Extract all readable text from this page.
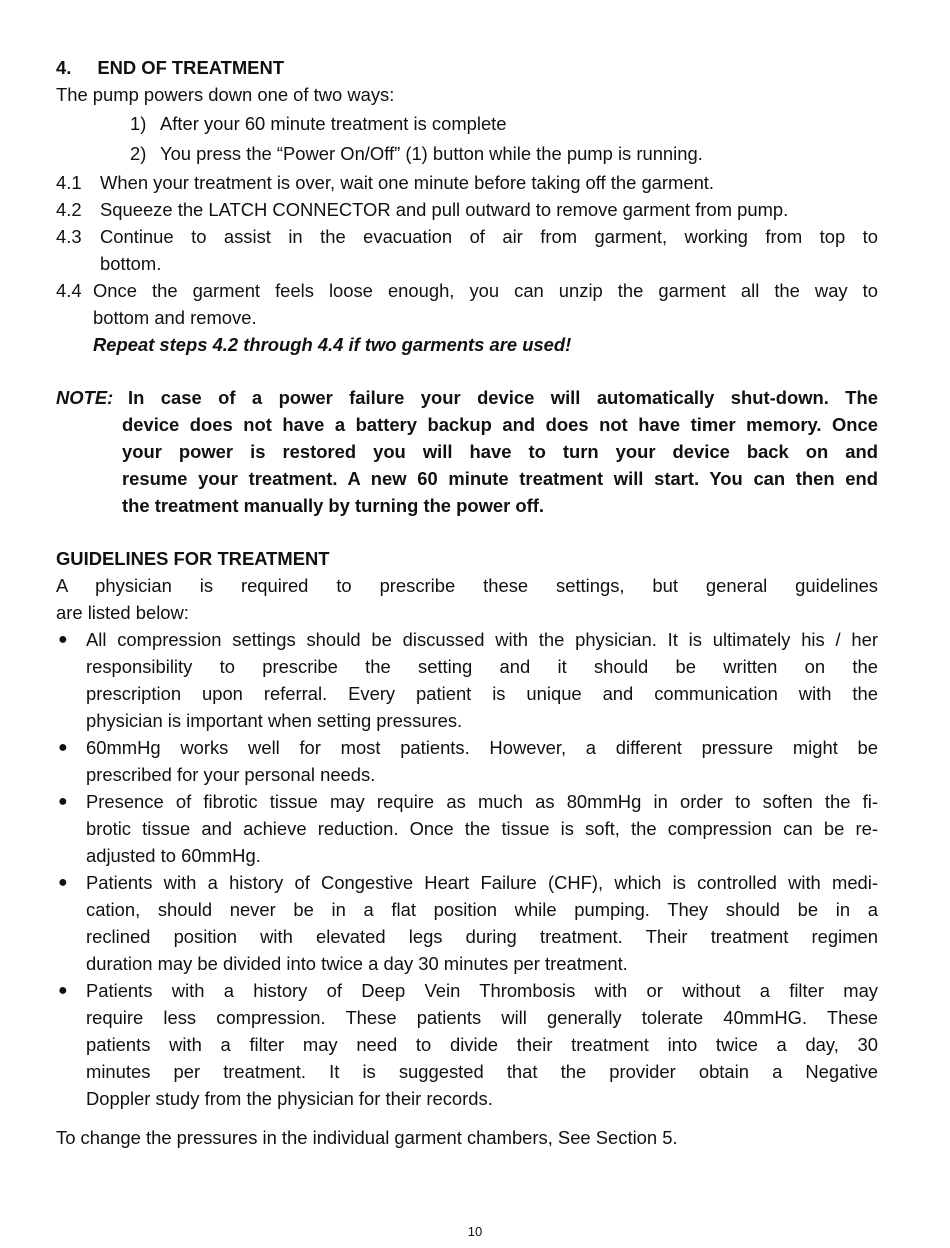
4. END OF TREATMENT
The pump powers down one of two ways:
1) After your 60 minute treatment is complete
2) You press the “Power On/Off” (1) button while the pump is running.
4.1	When your treatment is over, wait one minute before taking off the garment.
4.2	Squeeze the LATCH CONNECTOR and pull outward to remove garment from pump.
4.3	Continue to assist in the evacuation of air from garment, working from top to
bottom.
4.4 Once the garment feels loose enough, you can unzip the garment all the way to
bottom and remove.
Repeat steps 4.2 through 4.4 if two garments are used!
NOTE: In case of a power failure your device will automatically shut-down. The
device does not have a battery backup and does not have timer memory. Once
your power is restored you will have to turn your device back on and
resume your treatment. A new 60 minute treatment will start. You can then end
the treatment manually by turning the power off.
GUIDELINES FOR TREATMENT
A physician is required to prescribe these settings, but general guidelines
are listed below:
● All compression settings should be discussed with the physician. It is ultimately his / her
responsibility to prescribe the setting and it should be written on the
prescription upon referral. Every patient is unique and communication with the
physician is important when setting pressures.
● 60mmHg works well for most patients. However, a different pressure might be
prescribed for your personal needs.
● Presence of fibrotic tissue may require as much as 80mmHg in order to soften the fi-
brotic tissue and achieve reduction. Once the tissue is soft, the compression can be re-
adjusted to 60mmHg.
● Patients with a history of Congestive Heart Failure (CHF), which is controlled with medi-
cation, should never be in a flat position while pumping. They should be in a
reclined position with elevated legs during treatment. Their treatment regimen
duration may be divided into twice a day 30 minutes per treatment.
● Patients with a history of Deep Vein Thrombosis with or without a filter may
require less compression. These patients will generally tolerate 40mmHG. These
patients with a filter may need to divide their treatment into twice a day, 30
minutes per treatment. It is suggested that the provider obtain a Negative
Doppler study from the physician for their records.
To change the pressures in the individual garment chambers, See Section 5.
10
